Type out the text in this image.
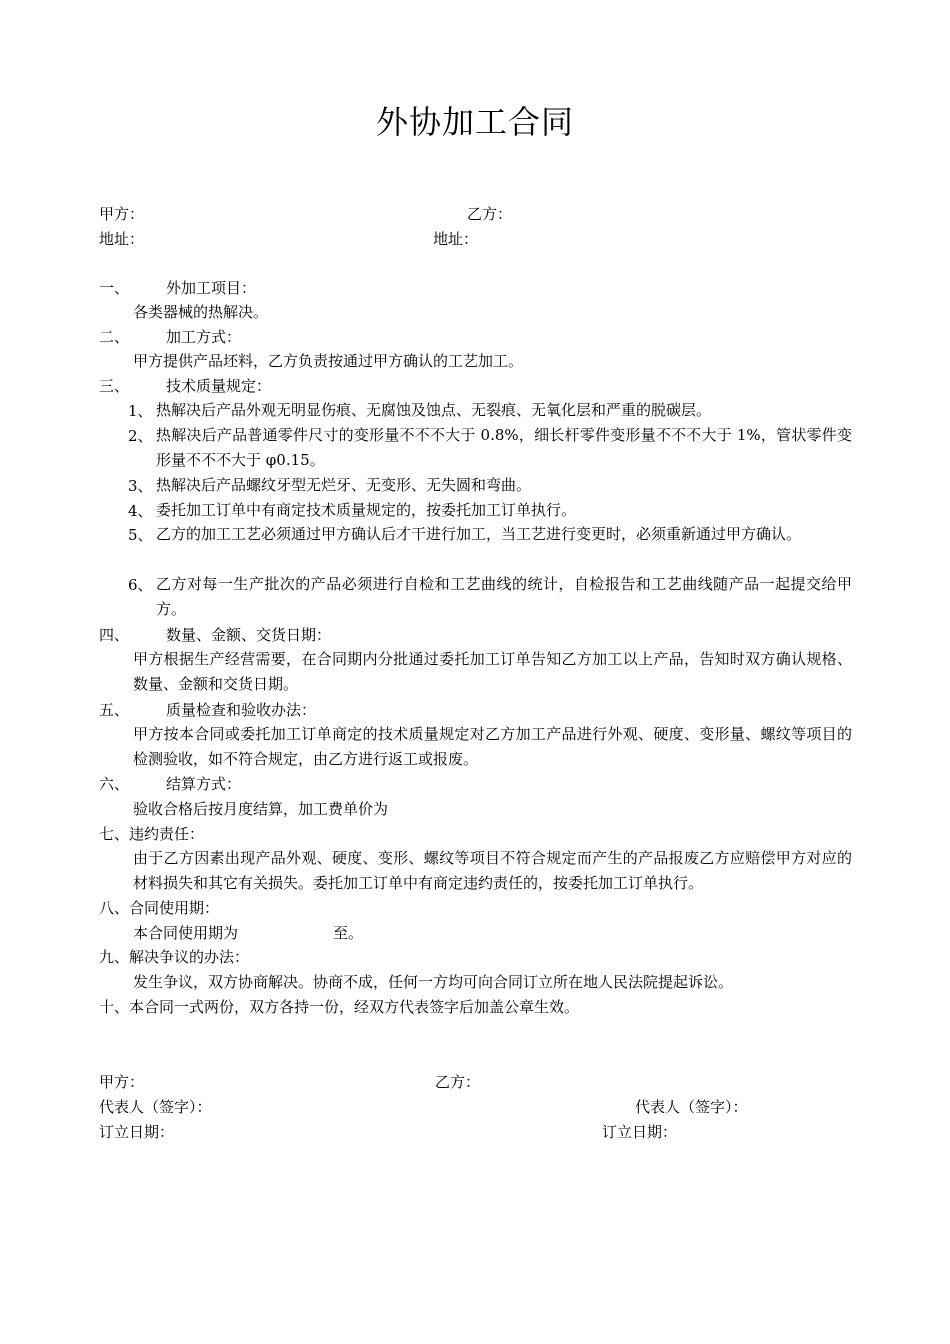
外协加工合同
甲方：	乙方：
地址：	地址：
一、 外加工项目：
各类器械的热解决。
二、 加工方式：
甲方提供产品坯料，乙方负责按通过甲方确认的工艺加工。
三、 技术质量规定：
1、 热解决后产品外观无明显伤痕、无腐蚀及蚀点、无裂痕、无氧化层和严重的脱碳层。
2、 热解决后产品普通零件尺寸的变形量不不不大于 0.8%，细长杆零件变形量不不不大于 1%，管状零件变形量不不不大于 φ0.15。
3、 热解决后产品螺纹牙型无烂牙、无变形、无失圆和弯曲。
4、 委托加工订单中有商定技术质量规定的，按委托加工订单执行。
5、 乙方的加工工艺必须通过甲方确认后才干进行加工，当工艺进行变更时，必须重新通过甲方确认。
6、 乙方对每一生产批次的产品必须进行自检和工艺曲线的统计，自检报告和工艺曲线随产品一起提交给甲方。
四、 数量、金额、交货日期：
甲方根据生产经营需要，在合同期内分批通过委托加工订单告知乙方加工以上产品，告知时双方确认规格、数量、金额和交货日期。
五、 质量检查和验收办法：
甲方按本合同或委托加工订单商定的技术质量规定对乙方加工产品进行外观、硬度、变形量、螺纹等项目的检测验收，如不符合规定，由乙方进行返工或报废。
六、 结算方式：
验收合格后按月度结算，加工费单价为
七、违约责任：
由于乙方因素出现产品外观、硬度、变形、螺纹等项目不符合规定而产生的产品报废乙方应赔偿甲方对应的材料损失和其它有关损失。委托加工订单中有商定违约责任的，按委托加工订单执行。
八、合同使用期：
本合同使用期为	至。
九、解决争议的办法：
发生争议，双方协商解决。协商不成，任何一方均可向合同订立所在地人民法院提起诉讼。
十、本合同一式两份，双方各持一份，经双方代表签字后加盖公章生效。
甲方：	乙方：
代表人（签字）：	代表人（签字）：
订立日期：	订立日期：
